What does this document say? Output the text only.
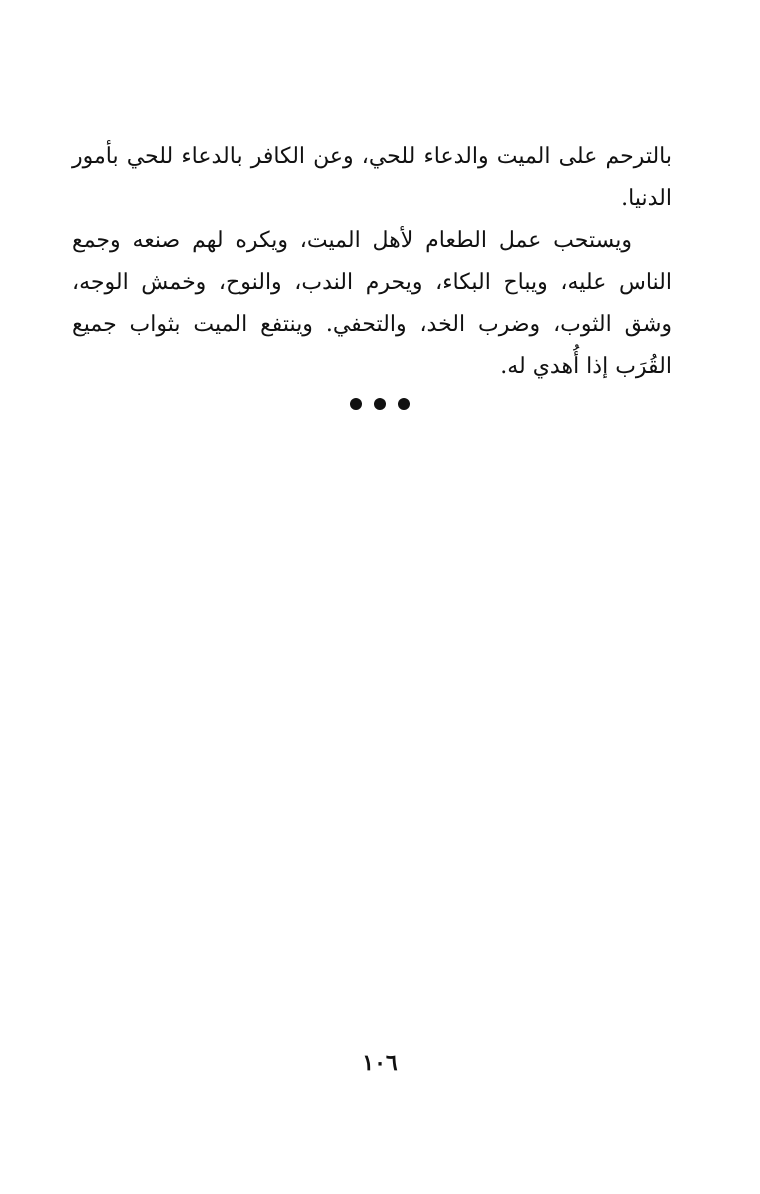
بالترحم على الميت والدعاء للحي، وعن الكافر بالدعاء للحي بأمور الدنيا.

ويستحب عمل الطعام لأهل الميت، ويكره لهم صنعه وجمع الناس عليه، ويباح البكاء، ويحرم الندب، والنوح، وخمش الوجه، وشق الثوب، وضرب الخد، والتحفي. وينتفع الميت بثواب جميع القُرَب إذا أُهدي له.

١٠٦
